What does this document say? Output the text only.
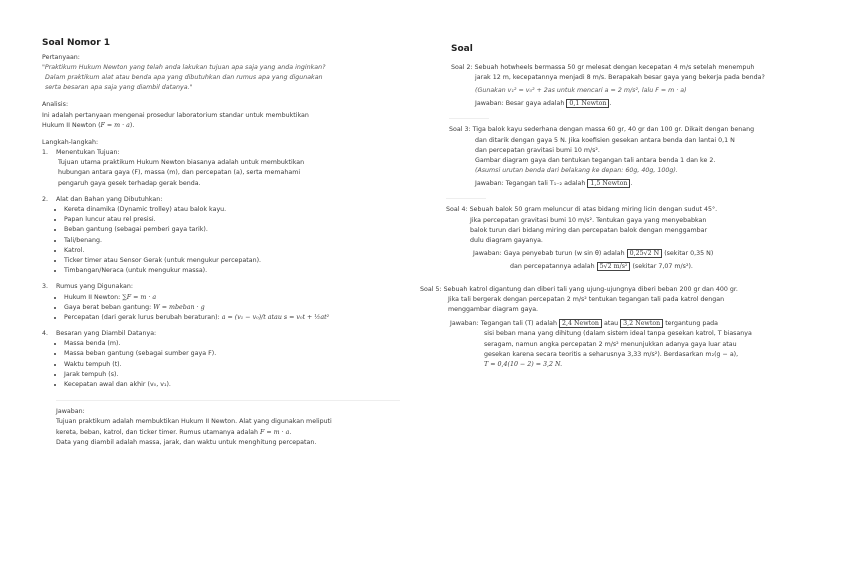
Soal Nomor 1

Pertanyaan:

"Praktikum Hukum Newton yang telah anda lakukan tujuan apa saja yang anda inginkan?

Dalam praktikum alat atau benda apa yang dibutuhkan dan rumus apa yang digunakan

serta besaran apa saja yang diambil datanya."

Analisis:

Ini adalah pertanyaan mengenai prosedur laboratorium standar untuk membuktikan

Hukum II Newton (F = m · a).

Langkah-langkah:

1.	Menentukan Tujuan:

Tujuan utama praktikum Hukum Newton biasanya adalah untuk membuktikan

hubungan antara gaya (F), massa (m), dan percepatan (a), serta memahami

pengaruh gaya gesek terhadap gerak benda.

2.	Alat dan Bahan yang Dibutuhkan:
• Kereta dinamika (Dynamic trolley) atau balok kayu.
• Papan luncur atau rel presisi.
• Beban gantung (sebagai pemberi gaya tarik).
• Tali/benang.
• Katrol.
• Ticker timer atau Sensor Gerak (untuk mengukur percepatan).
• Timbangan/Neraca (untuk mengukur massa).
3.	Rumus yang Digunakan:
• Hukum II Newton: ∑F = m · a
• Gaya berat beban gantung: W = mbeban · g
• Percepatan (dari gerak lurus berubah beraturan): a = (v₁ − v₀)/t atau s = v₀t + ½at²
4.	Besaran yang Diambil Datanya:
• Massa benda (m).
• Massa beban gantung (sebagai sumber gaya F).
• Waktu tempuh (t).
• Jarak tempuh (s).
• Kecepatan awal dan akhir (v₀, v₁).

Jawaban:

Tujuan praktikum adalah membuktikan Hukum II Newton. Alat yang digunakan meliputi

kereta, beban, katrol, dan ticker timer. Rumus utamanya adalah F = m · a.

Data yang diambil adalah massa, jarak, dan waktu untuk menghitung percepatan.

Soal

Soal 2: Sebuah hotwheels bermassa 50 gr melesat dengan kecepatan 4 m/s setelah menempuh

jarak 12 m, kecepatannya menjadi 8 m/s. Berapakah besar gaya yang bekerja pada benda?

(Gunakan v₁² = v₀² + 2as untuk mencari a = 2 m/s², lalu F = m · a)

Jawaban: Besar gaya adalah 0,1 Newton .

Soal 3: Tiga balok kayu sederhana dengan massa 60 gr, 40 gr dan 100 gr. Dikait dengan benang

dan ditarik dengan gaya 5 N. Jika koefisien gesekan antara benda dan lantai 0,1 N

dan percepatan gravitasi bumi 10 m/s².

Gambar diagram gaya dan tentukan tegangan tali antara benda 1 dan ke 2.

(Asumsi urutan benda dari belakang ke depan: 60g, 40g, 100g).

Jawaban: Tegangan tali T₁₋₂ adalah 1,5 Newton .

Soal 4: Sebuah balok 50 gram meluncur di atas bidang miring licin dengan sudut 45°.

Jika percepatan gravitasi bumi 10 m/s². Tentukan gaya yang menyebabkan

balok turun dari bidang miring dan percepatan balok dengan menggambar

dulu diagram gayanya.

Jawaban: Gaya penyebab turun (w sin θ) adalah 0,25√2 N (sekitar 0,35 N)

dan percepatannya adalah 5√2 m/s² (sekitar 7,07 m/s²).

Soal 5: Sebuah katrol digantung dan diberi tali yang ujung-ujungnya diberi beban 200 gr dan 400 gr.

Jika tali bergerak dengan percepatan 2 m/s² tentukan tegangan tali pada katrol dengan

menggambar diagram gaya.

Jawaban: Tegangan tali (T) adalah 2,4 Newton atau 3,2 Newton tergantung pada

sisi beban mana yang dihitung (dalam sistem ideal tanpa gesekan katrol, T biasanya

seragam, namun angka percepatan 2 m/s² menunjukkan adanya gaya luar atau

gesekan karena secara teoritis a seharusnya 3,33 m/s²). Berdasarkan m₂(g − a),

T = 0,4(10 − 2) = 3,2 N.
